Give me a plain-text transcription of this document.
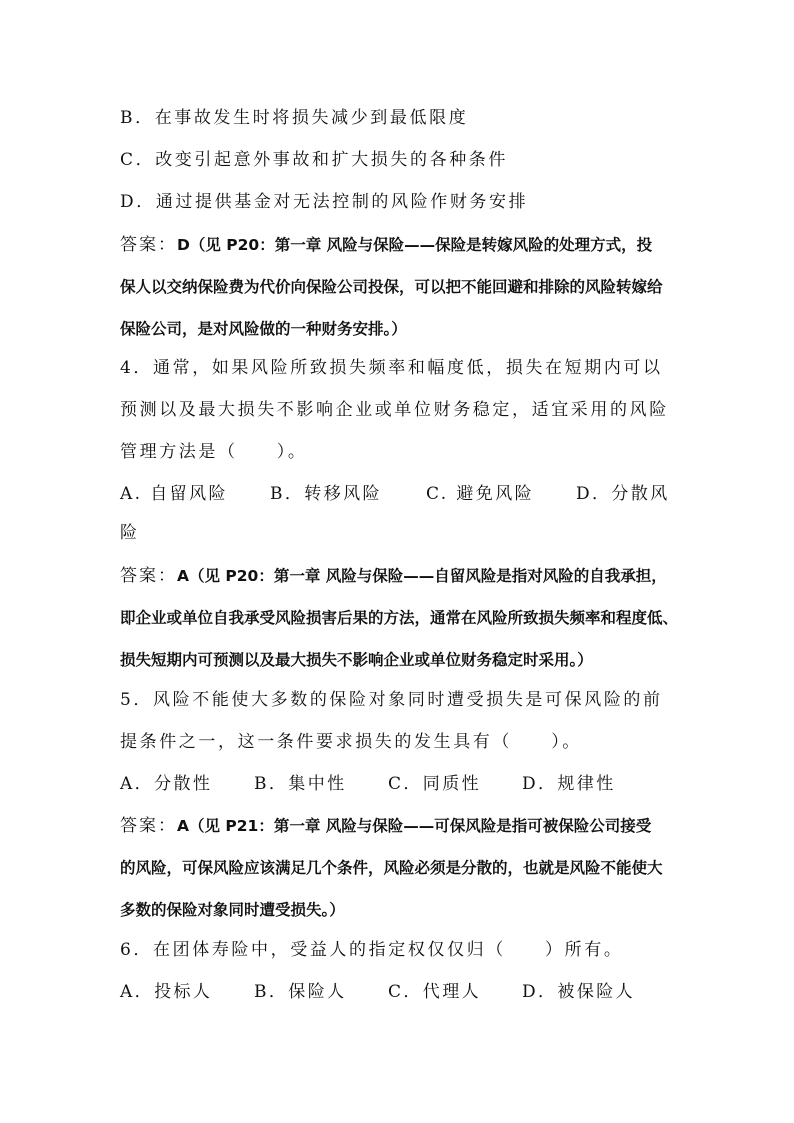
B．在事故发生时将损失减少到最低限度
C．改变引起意外事故和扩大损失的各种条件
D．通过提供基金对无法控制的风险作财务安排
答案：D（见 P20：第一章 风险与保险——保险是转嫁风险的处理方式，投
保人以交纳保险费为代价向保险公司投保，可以把不能回避和排除的风险转嫁给
保险公司，是对风险做的一种财务安排。）
4．通常，如果风险所致损失频率和幅度低，损失在短期内可以
预测以及最大损失不影响企业或单位财务稳定，适宜采用的风险
管理方法是（　　）。
A. 自留风险	B．转移风险	C. 避免风险	D．分散风
险
答案：A（见 P20：第一章 风险与保险——自留风险是指对风险的自我承担，
即企业或单位自我承受风险损害后果的方法，通常在风险所致损失频率和程度低、
损失短期内可预测以及最大损失不影响企业或单位财务稳定时采用。）
5．风险不能使大多数的保险对象同时遭受损失是可保风险的前
提条件之一，这一条件要求损失的发生具有（　　）。
A．分散性	B．集中性	C．同质性	D．规律性
答案：A（见 P21：第一章 风险与保险——可保风险是指可被保险公司接受
的风险，可保风险应该满足几个条件，风险必须是分散的，也就是风险不能使大
多数的保险对象同时遭受损失。）
6．在团体寿险中，受益人的指定权仅仅归（　　）所有。
A．投标人	B．保险人	C．代理人	D．被保险人
